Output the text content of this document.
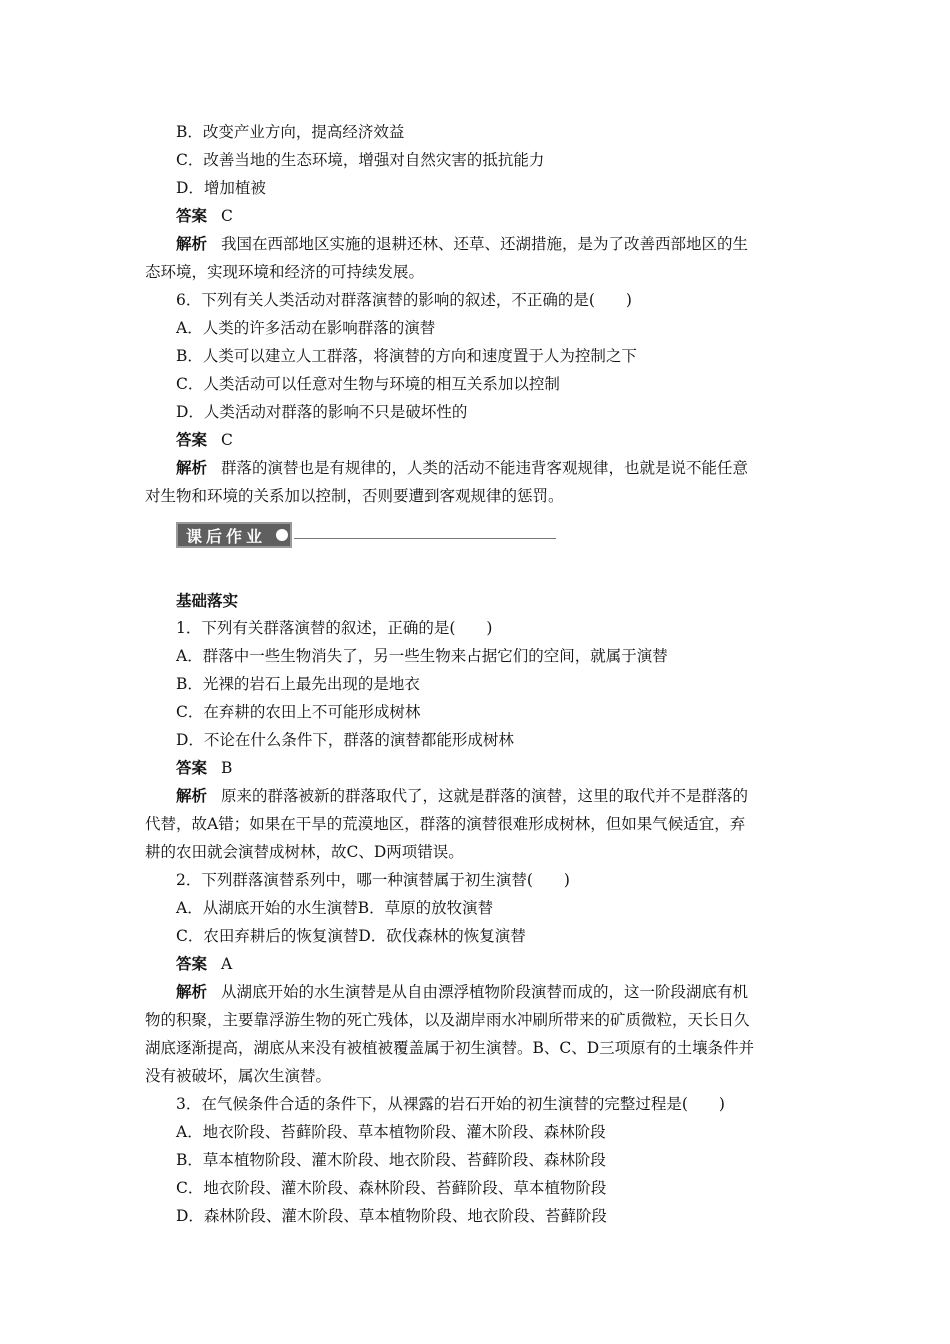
B．改变产业方向，提高经济效益
C．改善当地的生态环境，增强对自然灾害的抵抗能力
D．增加植被
答案 C
解析 我国在西部地区实施的退耕还林、还草、还湖措施，是为了改善西部地区的生
态环境，实现环境和经济的可持续发展。
6．下列有关人类活动对群落演替的影响的叙述，不正确的是(　　)
A．人类的许多活动在影响群落的演替
B．人类可以建立人工群落，将演替的方向和速度置于人为控制之下
C．人类活动可以任意对生物与环境的相互关系加以控制
D．人类活动对群落的影响不只是破坏性的
答案 C
解析 群落的演替也是有规律的，人类的活动不能违背客观规律，也就是说不能任意
对生物和环境的关系加以控制，否则要遭到客观规律的惩罚。
课后作业
基础落实
1．下列有关群落演替的叙述，正确的是(　　)
A．群落中一些生物消失了，另一些生物来占据它们的空间，就属于演替
B．光裸的岩石上最先出现的是地衣
C．在弃耕的农田上不可能形成树林
D．不论在什么条件下，群落的演替都能形成树林
答案 B
解析 原来的群落被新的群落取代了，这就是群落的演替，这里的取代并不是群落的
代替，故A错；如果在干旱的荒漠地区，群落的演替很难形成树林，但如果气候适宜，弃
耕的农田就会演替成树林，故C、D两项错误。
2．下列群落演替系列中，哪一种演替属于初生演替(　　)
A．从湖底开始的水生演替B．草原的放牧演替
C．农田弃耕后的恢复演替D．砍伐森林的恢复演替
答案 A
解析 从湖底开始的水生演替是从自由漂浮植物阶段演替而成的，这一阶段湖底有机
物的积聚，主要靠浮游生物的死亡残体，以及湖岸雨水冲刷所带来的矿质微粒，天长日久
湖底逐渐提高，湖底从来没有被植被覆盖属于初生演替。B、C、D三项原有的土壤条件并
没有被破坏，属次生演替。
3．在气候条件合适的条件下，从裸露的岩石开始的初生演替的完整过程是(　　)
A．地衣阶段、苔藓阶段、草本植物阶段、灌木阶段、森林阶段
B．草本植物阶段、灌木阶段、地衣阶段、苔藓阶段、森林阶段
C．地衣阶段、灌木阶段、森林阶段、苔藓阶段、草本植物阶段
D．森林阶段、灌木阶段、草本植物阶段、地衣阶段、苔藓阶段
